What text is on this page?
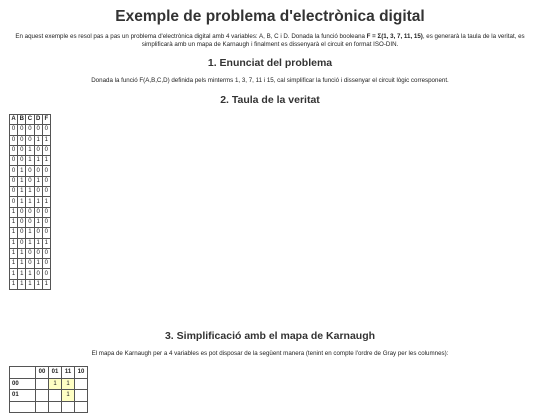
Exemple de problema d'electrònica digital
En aquest exemple es resol pas a pas un problema d'electrònica digital amb 4 variables: A, B, C i D. Donada la funció booleana F = Σ(1, 3, 7, 11, 15), es generarà la taula de la veritat, es simplificarà amb un mapa de Karnaugh i finalment es dissenyarà el circuit en format ISO-DIN.
1. Enunciat del problema
Donada la funció F(A,B,C,D) definida pels minterms 1, 3, 7, 11 i 15, cal simplificar la funció i dissenyar el circuit lògic corresponent.
2. Taula de la veritat
A	B	C	D	F
0	0	0	0	0
0	0	0	1	1
0	0	1	0	0
0	0	1	1	1
0	1	0	0	0
0	1	0	1	0
0	1	1	0	0
0	1	1	1	1
1	0	0	0	0
1	0	0	1	0
1	0	1	0	0
1	0	1	1	1
1	1	0	0	0
1	1	0	1	0
1	1	1	0	0
1	1	1	1	1
3. Simplificació amb el mapa de Karnaugh
El mapa de Karnaugh per a 4 variables es pot disposar de la següent manera (tenint en compte l'ordre de Gray per les columnes):
	00	01	11	10
00		1	1	
01			1	
